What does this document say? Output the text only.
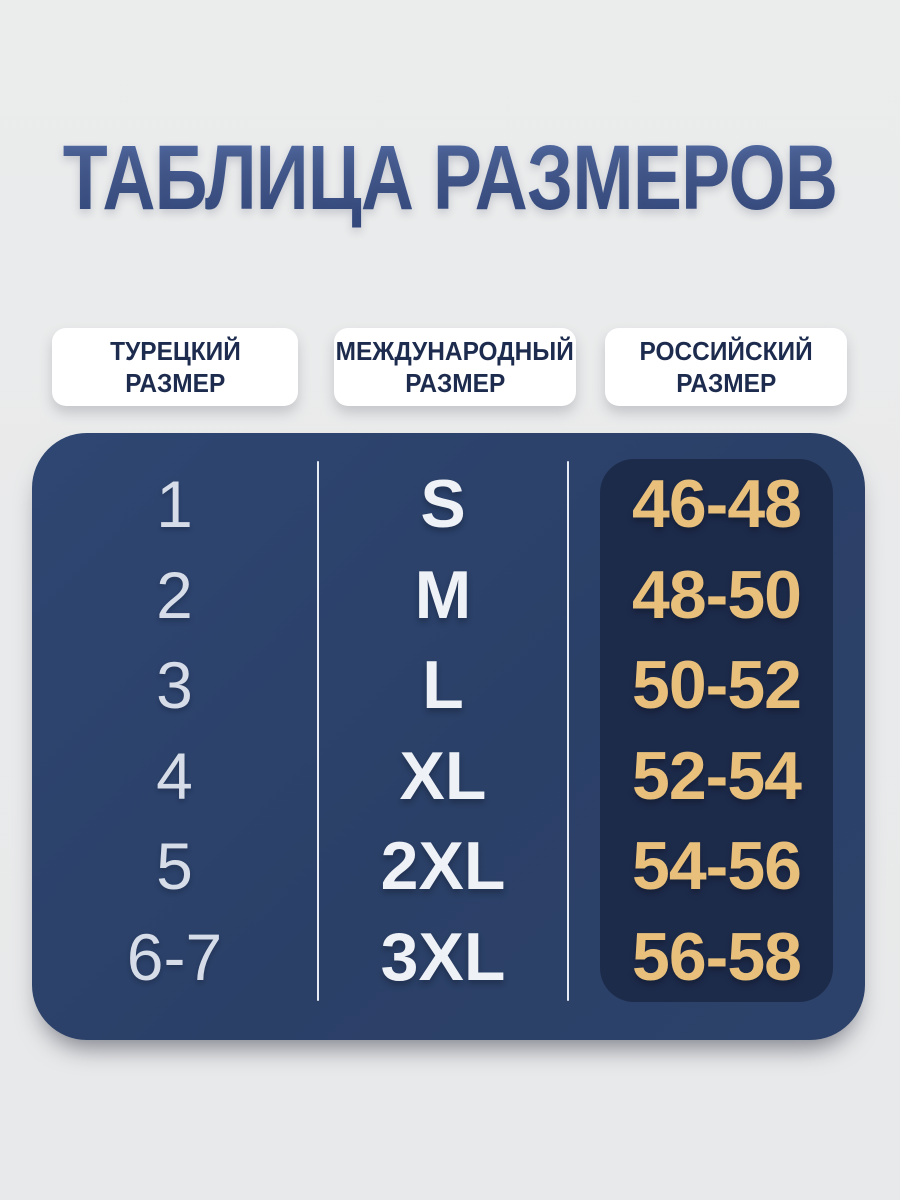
ТАБЛИЦА РАЗМЕРОВ
ТУРЕЦКИЙ
РАЗМЕР
МЕЖДУНАРОДНЫЙ
РАЗМЕР
РОССИЙСКИЙ
РАЗМЕР
1
2
3
4
5
6-7
S
M
L
XL
2XL
3XL
46-48
48-50
50-52
52-54
54-56
56-58
